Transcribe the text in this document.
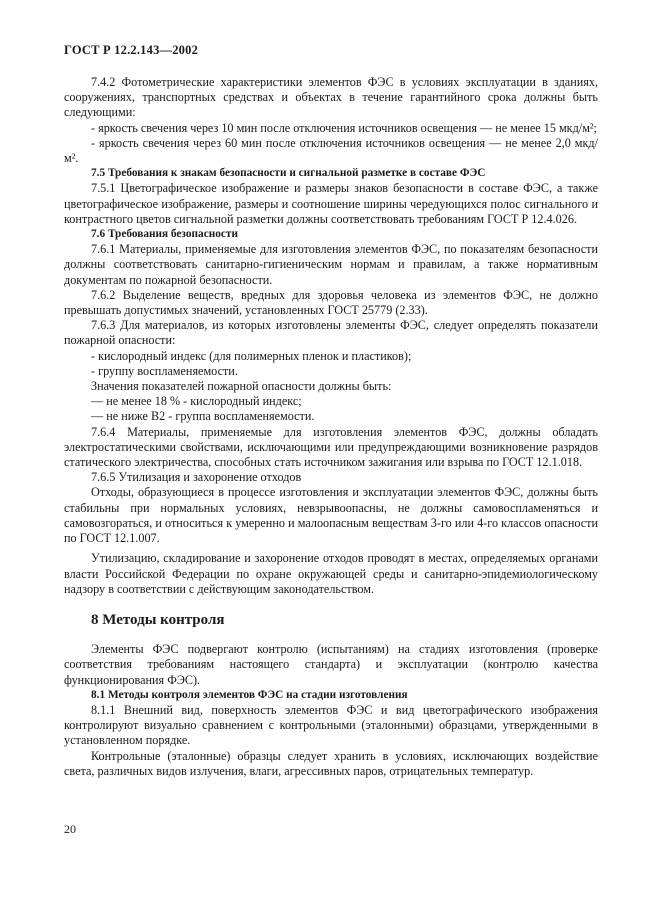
ГОСТ Р 12.2.143—2002

7.4.2 Фотометрические характеристики элементов ФЭС в условиях эксплуатации в зданиях, сооружениях, транспортных средствах и объектах в течение гарантийного срока должны быть следующими:

- яркость свечения через 10 мин после отключения источников освещения — не менее 15 мкд/м²;

- яркость свечения через 60 мин после отключения источников освещения — не менее 2,0 мкд/м².

7.5 Требования к знакам безопасности и сигнальной разметке в составе ФЭС

7.5.1 Цветографическое изображение и размеры знаков безопасности в составе ФЭС, а также цветографическое изображение, размеры и соотношение ширины чередующихся полос сигнального и контрастного цветов сигнальной разметки должны соответствовать требованиям ГОСТ Р 12.4.026.

7.6 Требования безопасности

7.6.1 Материалы, применяемые для изготовления элементов ФЭС, по показателям безопасности должны соответствовать санитарно-гигиеническим нормам и правилам, а также нормативным документам по пожарной безопасности.

7.6.2 Выделение веществ, вредных для здоровья человека из элементов ФЭС, не должно превышать допустимых значений, установленных ГОСТ 25779 (2.33).

7.6.3 Для материалов, из которых изготовлены элементы ФЭС, следует определять показатели пожарной опасности:

- кислородный индекс (для полимерных пленок и пластиков);

- группу воспламеняемости.

Значения показателей пожарной опасности должны быть:

— не менее 18 % - кислородный индекс;

— не ниже В2 - группа воспламеняемости.

7.6.4 Материалы, применяемые для изготовления элементов ФЭС, должны обладать электростатическими свойствами, исключающими или предупреждающими возникновение разрядов статического электричества, способных стать источником зажигания или взрыва по ГОСТ 12.1.018.

7.6.5 Утилизация и захоронение отходов

Отходы, образующиеся в процессе изготовления и эксплуатации элементов ФЭС, должны быть стабильны при нормальных условиях, невзрывоопасны, не должны самовоспламеняться и самовозгораться, и относиться к умеренно и малоопасным веществам 3-го или 4-го классов опасности по ГОСТ 12.1.007.

Утилизацию, складирование и захоронение отходов проводят в местах, определяемых органами власти Российской Федерации по охране окружающей среды и санитарно-эпидемиологическому надзору в соответствии с действующим законодательством.

8 Методы контроля

Элементы ФЭС подвергают контролю (испытаниям) на стадиях изготовления (проверке соответствия требованиям настоящего стандарта) и эксплуатации (контролю качества функционирования ФЭС).

8.1 Методы контроля элементов ФЭС на стадии изготовления

8.1.1 Внешний вид, поверхность элементов ФЭС и вид цветографического изображения контролируют визуально сравнением с контрольными (эталонными) образцами, утвержденными в установленном порядке.

Контрольные (эталонные) образцы следует хранить в условиях, исключающих воздействие света, различных видов излучения, влаги, агрессивных паров, отрицательных температур.

20
